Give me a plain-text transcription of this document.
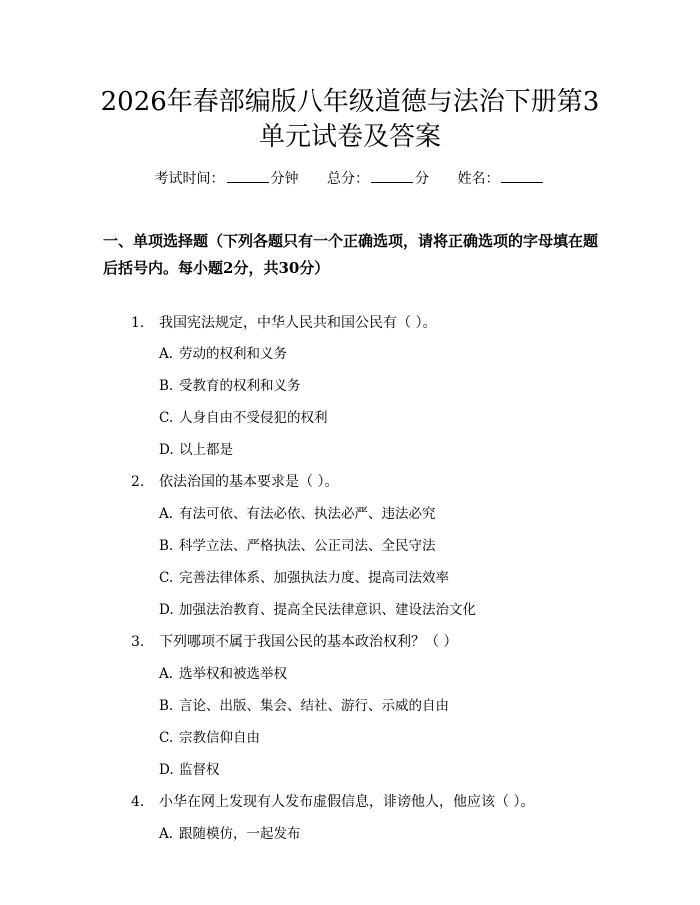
2026年春部编版八年级道德与法治下册第3
单元试卷及答案
考试时间：	分钟 总分：	分 姓名：
一、单项选择题（下列各题只有一个正确选项，请将正确选项的字母填在题后括号内。每小题2分，共30分）
1. 我国宪法规定，中华人民共和国公民有（ ）。
A. 劳动的权利和义务
B. 受教育的权利和义务
C. 人身自由不受侵犯的权利
D. 以上都是
2. 依法治国的基本要求是（ ）。
A. 有法可依、有法必依、执法必严、违法必究
B. 科学立法、严格执法、公正司法、全民守法
C. 完善法律体系、加强执法力度、提高司法效率
D. 加强法治教育、提高全民法律意识、建设法治文化
3. 下列哪项不属于我国公民的基本政治权利？（ ）
A. 选举权和被选举权
B. 言论、出版、集会、结社、游行、示威的自由
C. 宗教信仰自由
D. 监督权
4. 小华在网上发现有人发布虚假信息，诽谤他人，他应该（ ）。
A. 跟随模仿，一起发布
